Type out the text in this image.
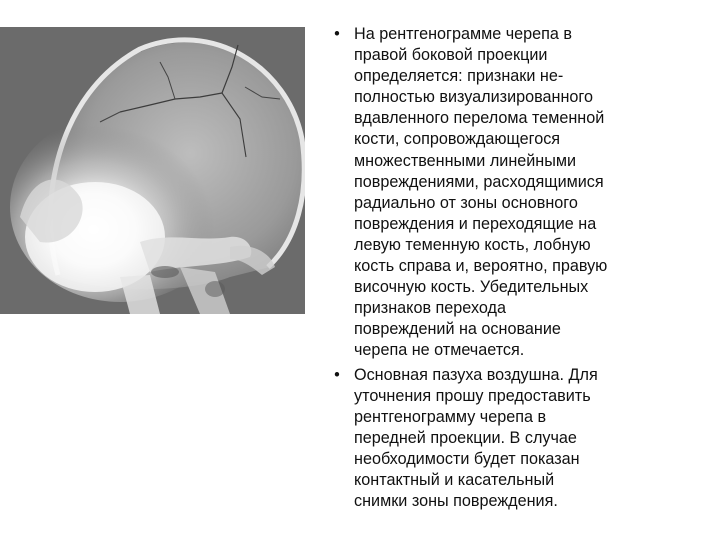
• На рентгенограмме черепа в
правой боковой проекции
определяется: признаки не-
полностью визуализированного
вдавленного перелома теменной
кости, сопровождающегося
множественными линейными
повреждениями, расходящимися
радиально от зоны основного
повреждения и переходящие на
левую теменную кость, лобную
кость справа и, вероятно, правую
височную кость. Убедительных
признаков перехода
повреждений на основание
черепа не отмечается.
• Основная пазуха воздушна. Для
уточнения прошу предоставить
рентгенограмму черепа в
передней проекции. В случае
необходимости будет показан
контактный и касательный
снимки зоны повреждения.
